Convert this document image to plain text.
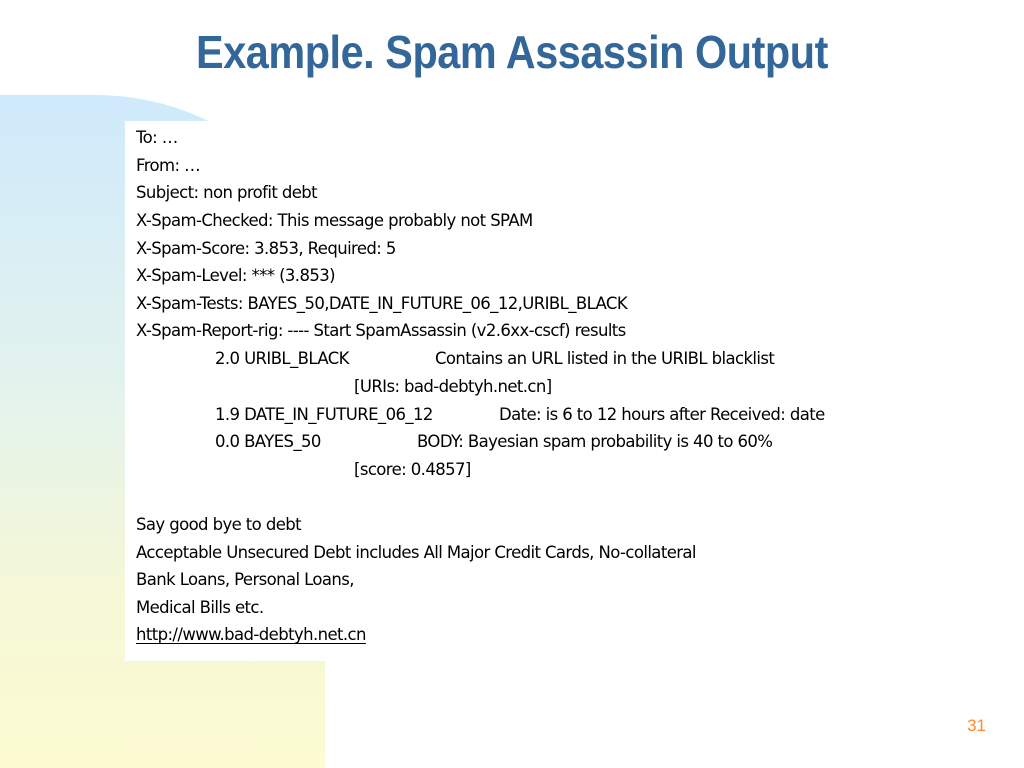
Example. Spam Assassin Output
To: …
From: …
Subject: non profit debt
X-Spam-Checked: This message probably not SPAM
X-Spam-Score: 3.853, Required: 5
X-Spam-Level: *** (3.853)
X-Spam-Tests: BAYES_50,DATE_IN_FUTURE_06_12,URIBL_BLACK
X-Spam-Report-rig: ---- Start SpamAssassin (v2.6xx-cscf) results
2.0 URIBL_BLACK	Contains an URL listed in the URIBL blacklist
[URIs: bad-debtyh.net.cn]
1.9 DATE_IN_FUTURE_06_12	Date: is 6 to 12 hours after Received: date
0.0 BAYES_50	BODY: Bayesian spam probability is 40 to 60%
[score: 0.4857]
Say good bye to debt
Acceptable Unsecured Debt includes All Major Credit Cards, No-collateral
Bank Loans, Personal Loans,
Medical Bills etc.
http://www.bad-debtyh.net.cn
31
